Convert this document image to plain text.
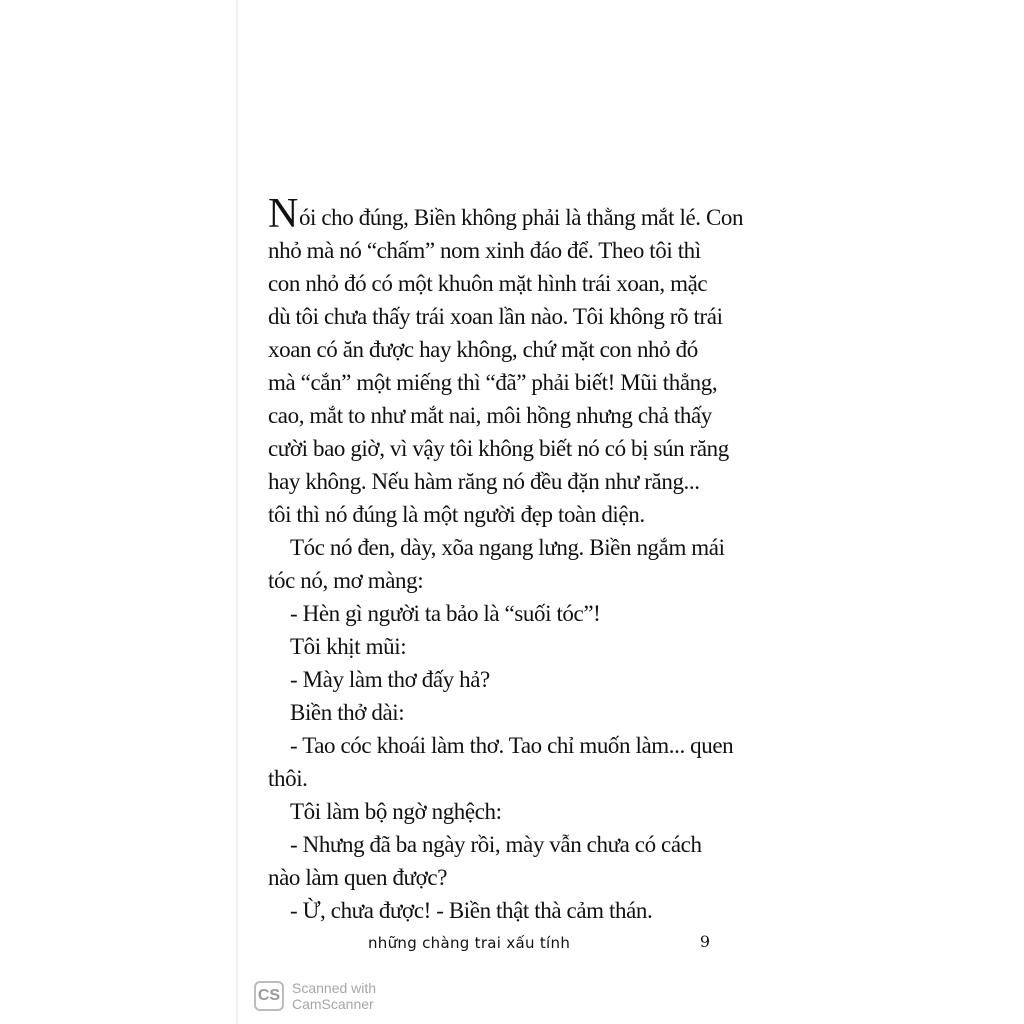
Nói cho đúng, Biền không phải là thằng mắt lé. Con
nhỏ mà nó “chấm” nom xinh đáo để. Theo tôi thì
con nhỏ đó có một khuôn mặt hình trái xoan, mặc
dù tôi chưa thấy trái xoan lần nào. Tôi không rõ trái
xoan có ăn được hay không, chứ mặt con nhỏ đó
mà “cắn” một miếng thì “đã” phải biết! Mũi thẳng,
cao, mắt to như mắt nai, môi hồng nhưng chả thấy
cười bao giờ, vì vậy tôi không biết nó có bị sún răng
hay không. Nếu hàm răng nó đều đặn như răng...
tôi thì nó đúng là một người đẹp toàn diện.

Tóc nó đen, dày, xõa ngang lưng. Biền ngắm mái
tóc nó, mơ màng:

- Hèn gì người ta bảo là “suối tóc”!

Tôi khịt mũi:

- Mày làm thơ đấy hả?

Biền thở dài:

- Tao cóc khoái làm thơ. Tao chỉ muốn làm... quen
thôi.

Tôi làm bộ ngờ nghệch:

- Nhưng đã ba ngày rồi, mày vẫn chưa có cách
nào làm quen được?

- Ừ, chưa được! - Biền thật thà cảm thán.

những chàng trai xấu tính	9
CS Scanned with
CamScanner
